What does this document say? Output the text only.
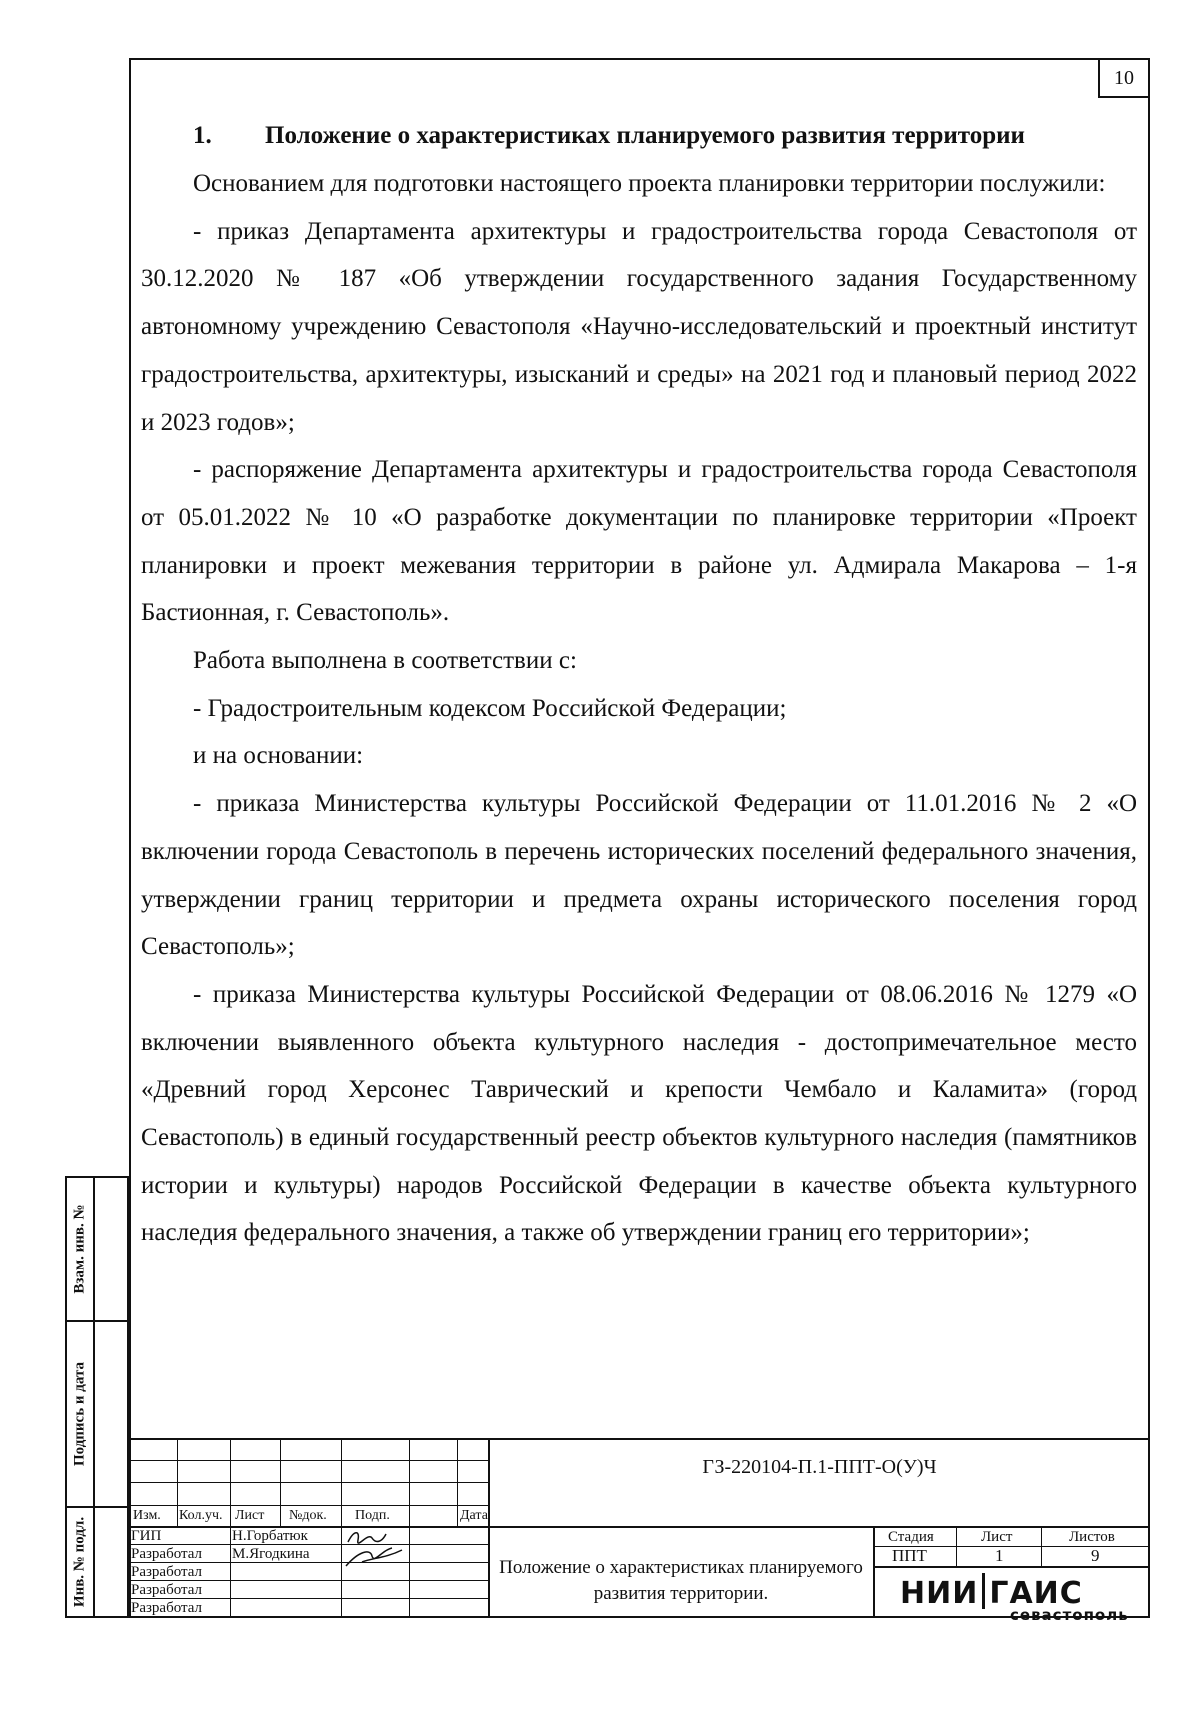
10

1. Положение о характеристиках планируемого развития территории

Основанием для подготовки настоящего проекта планировки территории послужили:

- приказ Департамента архитектуры и градостроительства города Севастополя от 30.12.2020 № 187 «Об утверждении государственного задания Государственному автономному учреждению Севастополя «Научно-исследовательский и проектный институт градостроительства, архитектуры, изысканий и среды» на 2021 год и плановый период 2022 и 2023 годов»;

- распоряжение Департамента архитектуры и градостроительства города Севастополя от 05.01.2022 № 10 «О разработке документации по планировке территории «Проект планировки и проект межевания территории в районе ул. Адмирала Макарова – 1-я Бастионная, г. Севастополь».

Работа выполнена в соответствии с:

- Градостроительным кодексом Российской Федерации;

и на основании:

- приказа Министерства культуры Российской Федерации от 11.01.2016 № 2 «О включении города Севастополь в перечень исторических поселений федерального значения, утверждении границ территории и предмета охраны исторического поселения город Севастополь»;

- приказа Министерства культуры Российской Федерации от 08.06.2016 № 1279 «О включении выявленного объекта культурного наследия - достопримечательное место «Древний город Херсонес Таврический и крепости Чембало и Каламита» (город Севастополь) в единый государственный реестр объектов культурного наследия (памятников истории и культуры) народов Российской Федерации в качестве объекта культурного наследия федерального значения, а также об утверждении границ его территории»;

Взам. инв. №
Подпись и дата
Инв. № подл.
Изм. Кол.уч. Лист №док. Подп.	Дата
ГИП	Н.Горбатюк
Разработал М.Ягодкина
Разработал
Разработал
Разработал
ГЗ-220104-П.1-ППТ-О(У)Ч
Положение о характеристиках планируемого развития территории.
Стадия	Лист	Листов
ППТ	1	9
НИИ ГАИС
севастополь
